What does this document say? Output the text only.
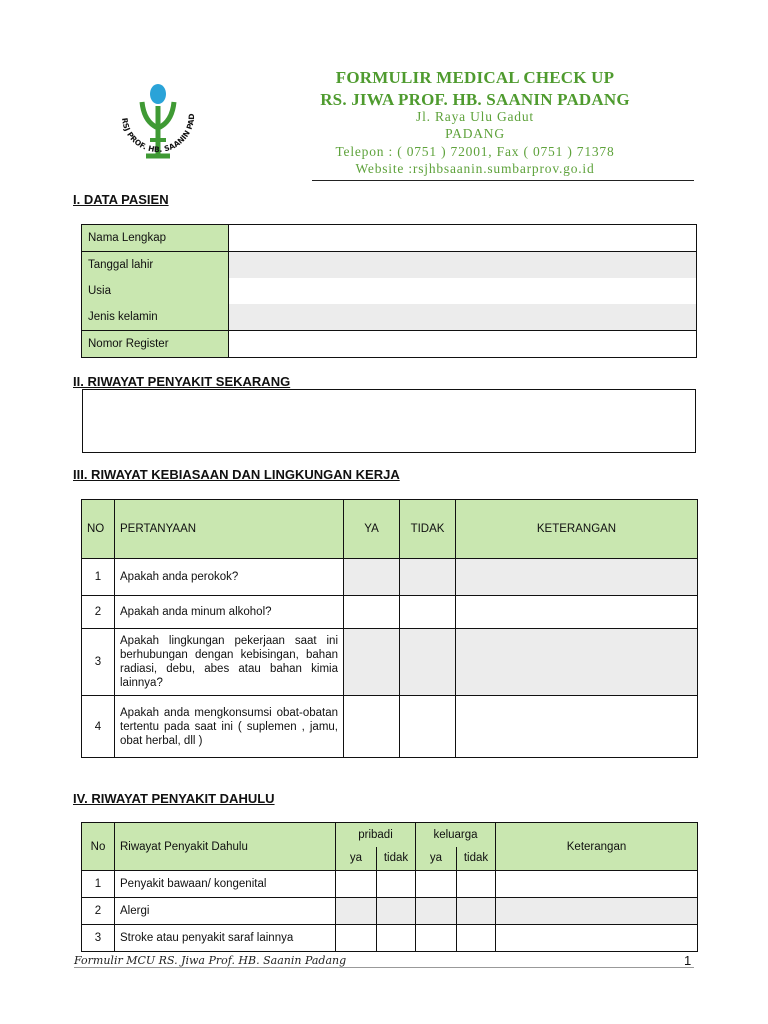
RSJ PROF. HB. SAANIN PAD
FORMULIR MEDICAL CHECK UP
RS. JIWA PROF. HB. SAANIN PADANG
Jl. Raya Ulu Gadut
PADANG
Telepon : ( 0751 ) 72001, Fax ( 0751 ) 71378
Website :rsjhbsaanin.sumbarprov.go.id
I. DATA PASIEN
Nama Lengkap	
Tanggal lahir	
Usia	
Jenis kelamin	
Nomor Register	
II. RIWAYAT PENYAKIT SEKARANG
III. RIWAYAT KEBIASAAN DAN LINGKUNGAN KERJA
NO	PERTANYAAN	YA	TIDAK	KETERANGAN
1	Apakah anda perokok?			
2	Apakah anda minum alkohol?			
3	Apakah lingkungan pekerjaan saat ini berhubungan dengan kebisingan, bahan radiasi, debu, abes atau bahan kimia lainnya?			
4	Apakah anda mengkonsumsi obat-obatan tertentu pada saat ini ( suplemen , jamu, obat herbal, dll )			
IV. RIWAYAT PENYAKIT DAHULU
No	Riwayat Penyakit Dahulu	pribadi		keluarga		Keterangan
		ya	tidak	ya	tidak	
1	Penyakit bawaan/ kongenital					
2	Alergi					
3	Stroke atau penyakit saraf lainnya					
Formulir MCU RS. Jiwa Prof. HB. Saanin Padang	1
